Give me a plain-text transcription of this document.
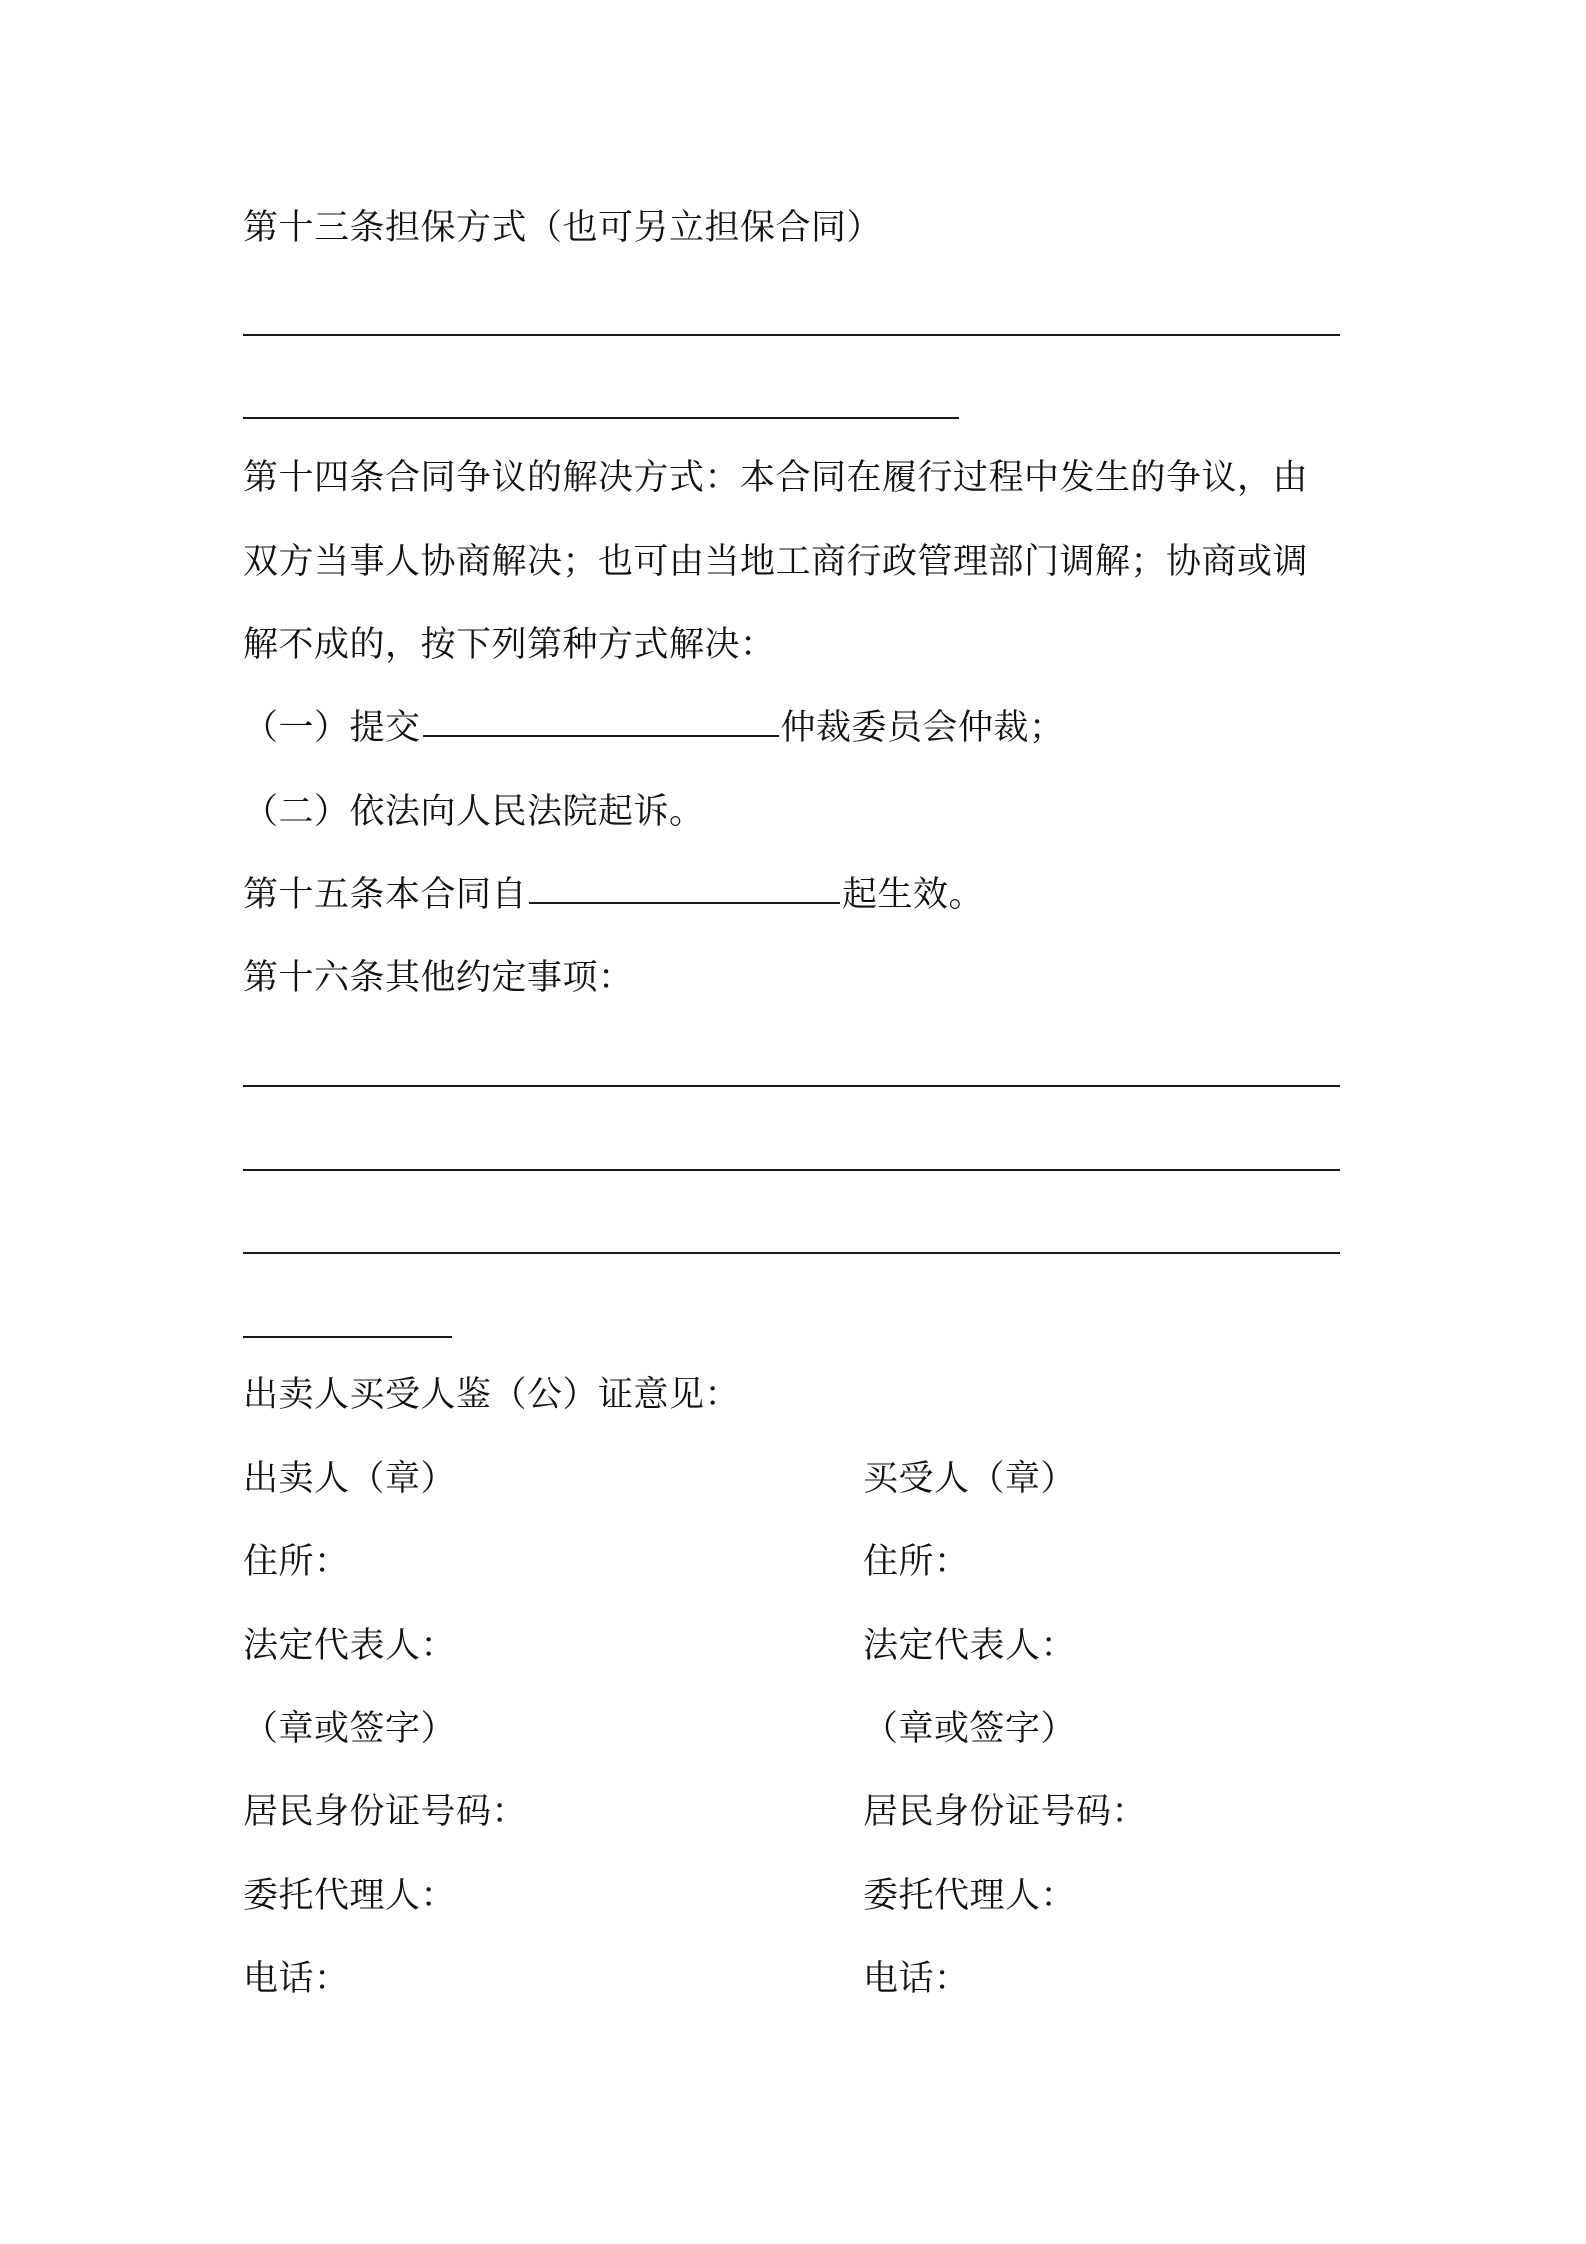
第十三条担保方式（也可另立担保合同）
第十四条合同争议的解决方式：本合同在履行过程中发生的争议，由
双方当事人协商解决；也可由当地工商行政管理部门调解；协商或调
解不成的，按下列第种方式解决：
（一）提交	仲裁委员会仲裁；
（二）依法向人民法院起诉。
第十五条本合同自	起生效。
第十六条其他约定事项：
出卖人买受人鉴（公）证意见：
出卖人（章）
住所：
法定代表人：
（章或签字）
居民身份证号码：
委托代理人：
电话：
买受人（章）
住所：
法定代表人：
（章或签字）
居民身份证号码：
委托代理人：
电话：
